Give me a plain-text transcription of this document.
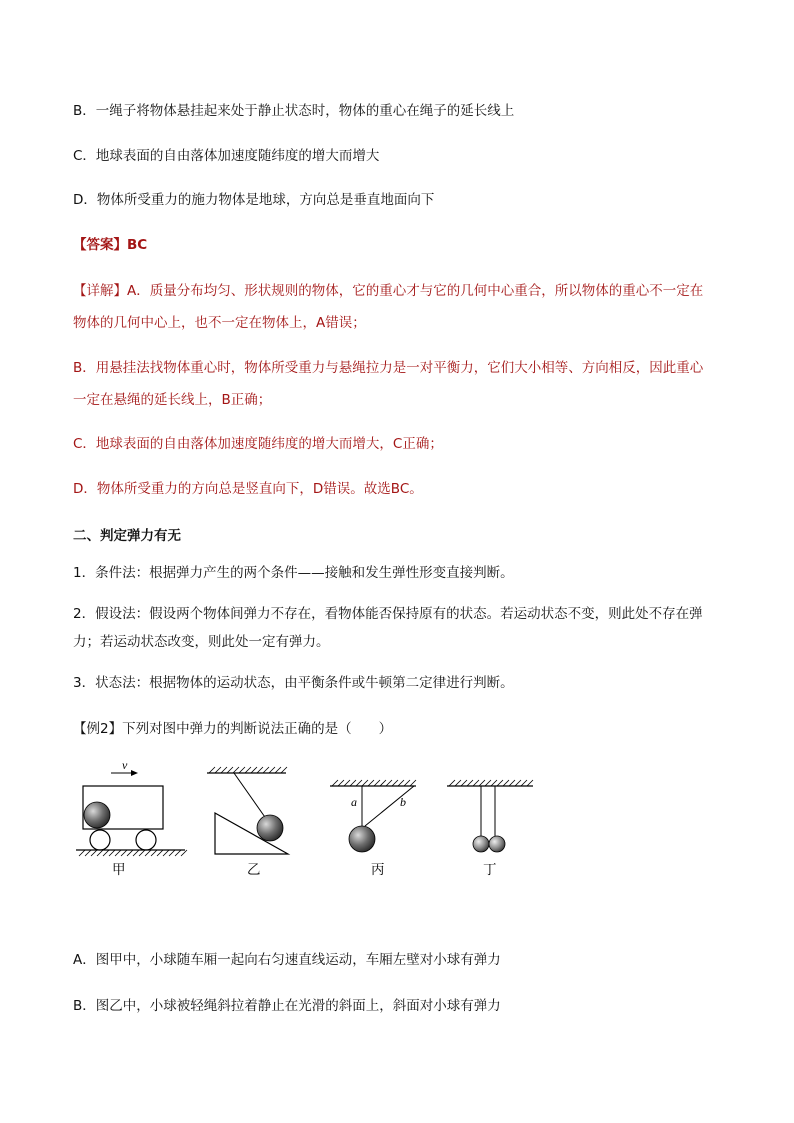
B．一绳子将物体悬挂起来处于静止状态时，物体的重心在绳子的延长线上
C．地球表面的自由落体加速度随纬度的增大而增大
D．物体所受重力的施力物体是地球，方向总是垂直地面向下
【答案】BC
【详解】A．质量分布均匀、形状规则的物体，它的重心才与它的几何中心重合，所以物体的重心不一定在
物体的几何中心上，也不一定在物体上，A错误；
B．用悬挂法找物体重心时，物体所受重力与悬绳拉力是一对平衡力，它们大小相等、方向相反，因此重心
一定在悬绳的延长线上，B正确；
C．地球表面的自由落体加速度随纬度的增大而增大，C正确；
D．物体所受重力的方向总是竖直向下，D错误。故选BC。
二、判定弹力有无
1．条件法：根据弹力产生的两个条件——接触和发生弹性形变直接判断。
2．假设法：假设两个物体间弹力不存在，看物体能否保持原有的状态。若运动状态不变，则此处不存在弹
力；若运动状态改变，则此处一定有弹力。
3．状态法：根据物体的运动状态，由平衡条件或牛顿第二定律进行判断。
【例2】下列对图中弹力的判断说法正确的是（　　）
v
甲	乙
a	b
丙	丁
A．图甲中，小球随车厢一起向右匀速直线运动，车厢左壁对小球有弹力
B．图乙中，小球被轻绳斜拉着静止在光滑的斜面上，斜面对小球有弹力
